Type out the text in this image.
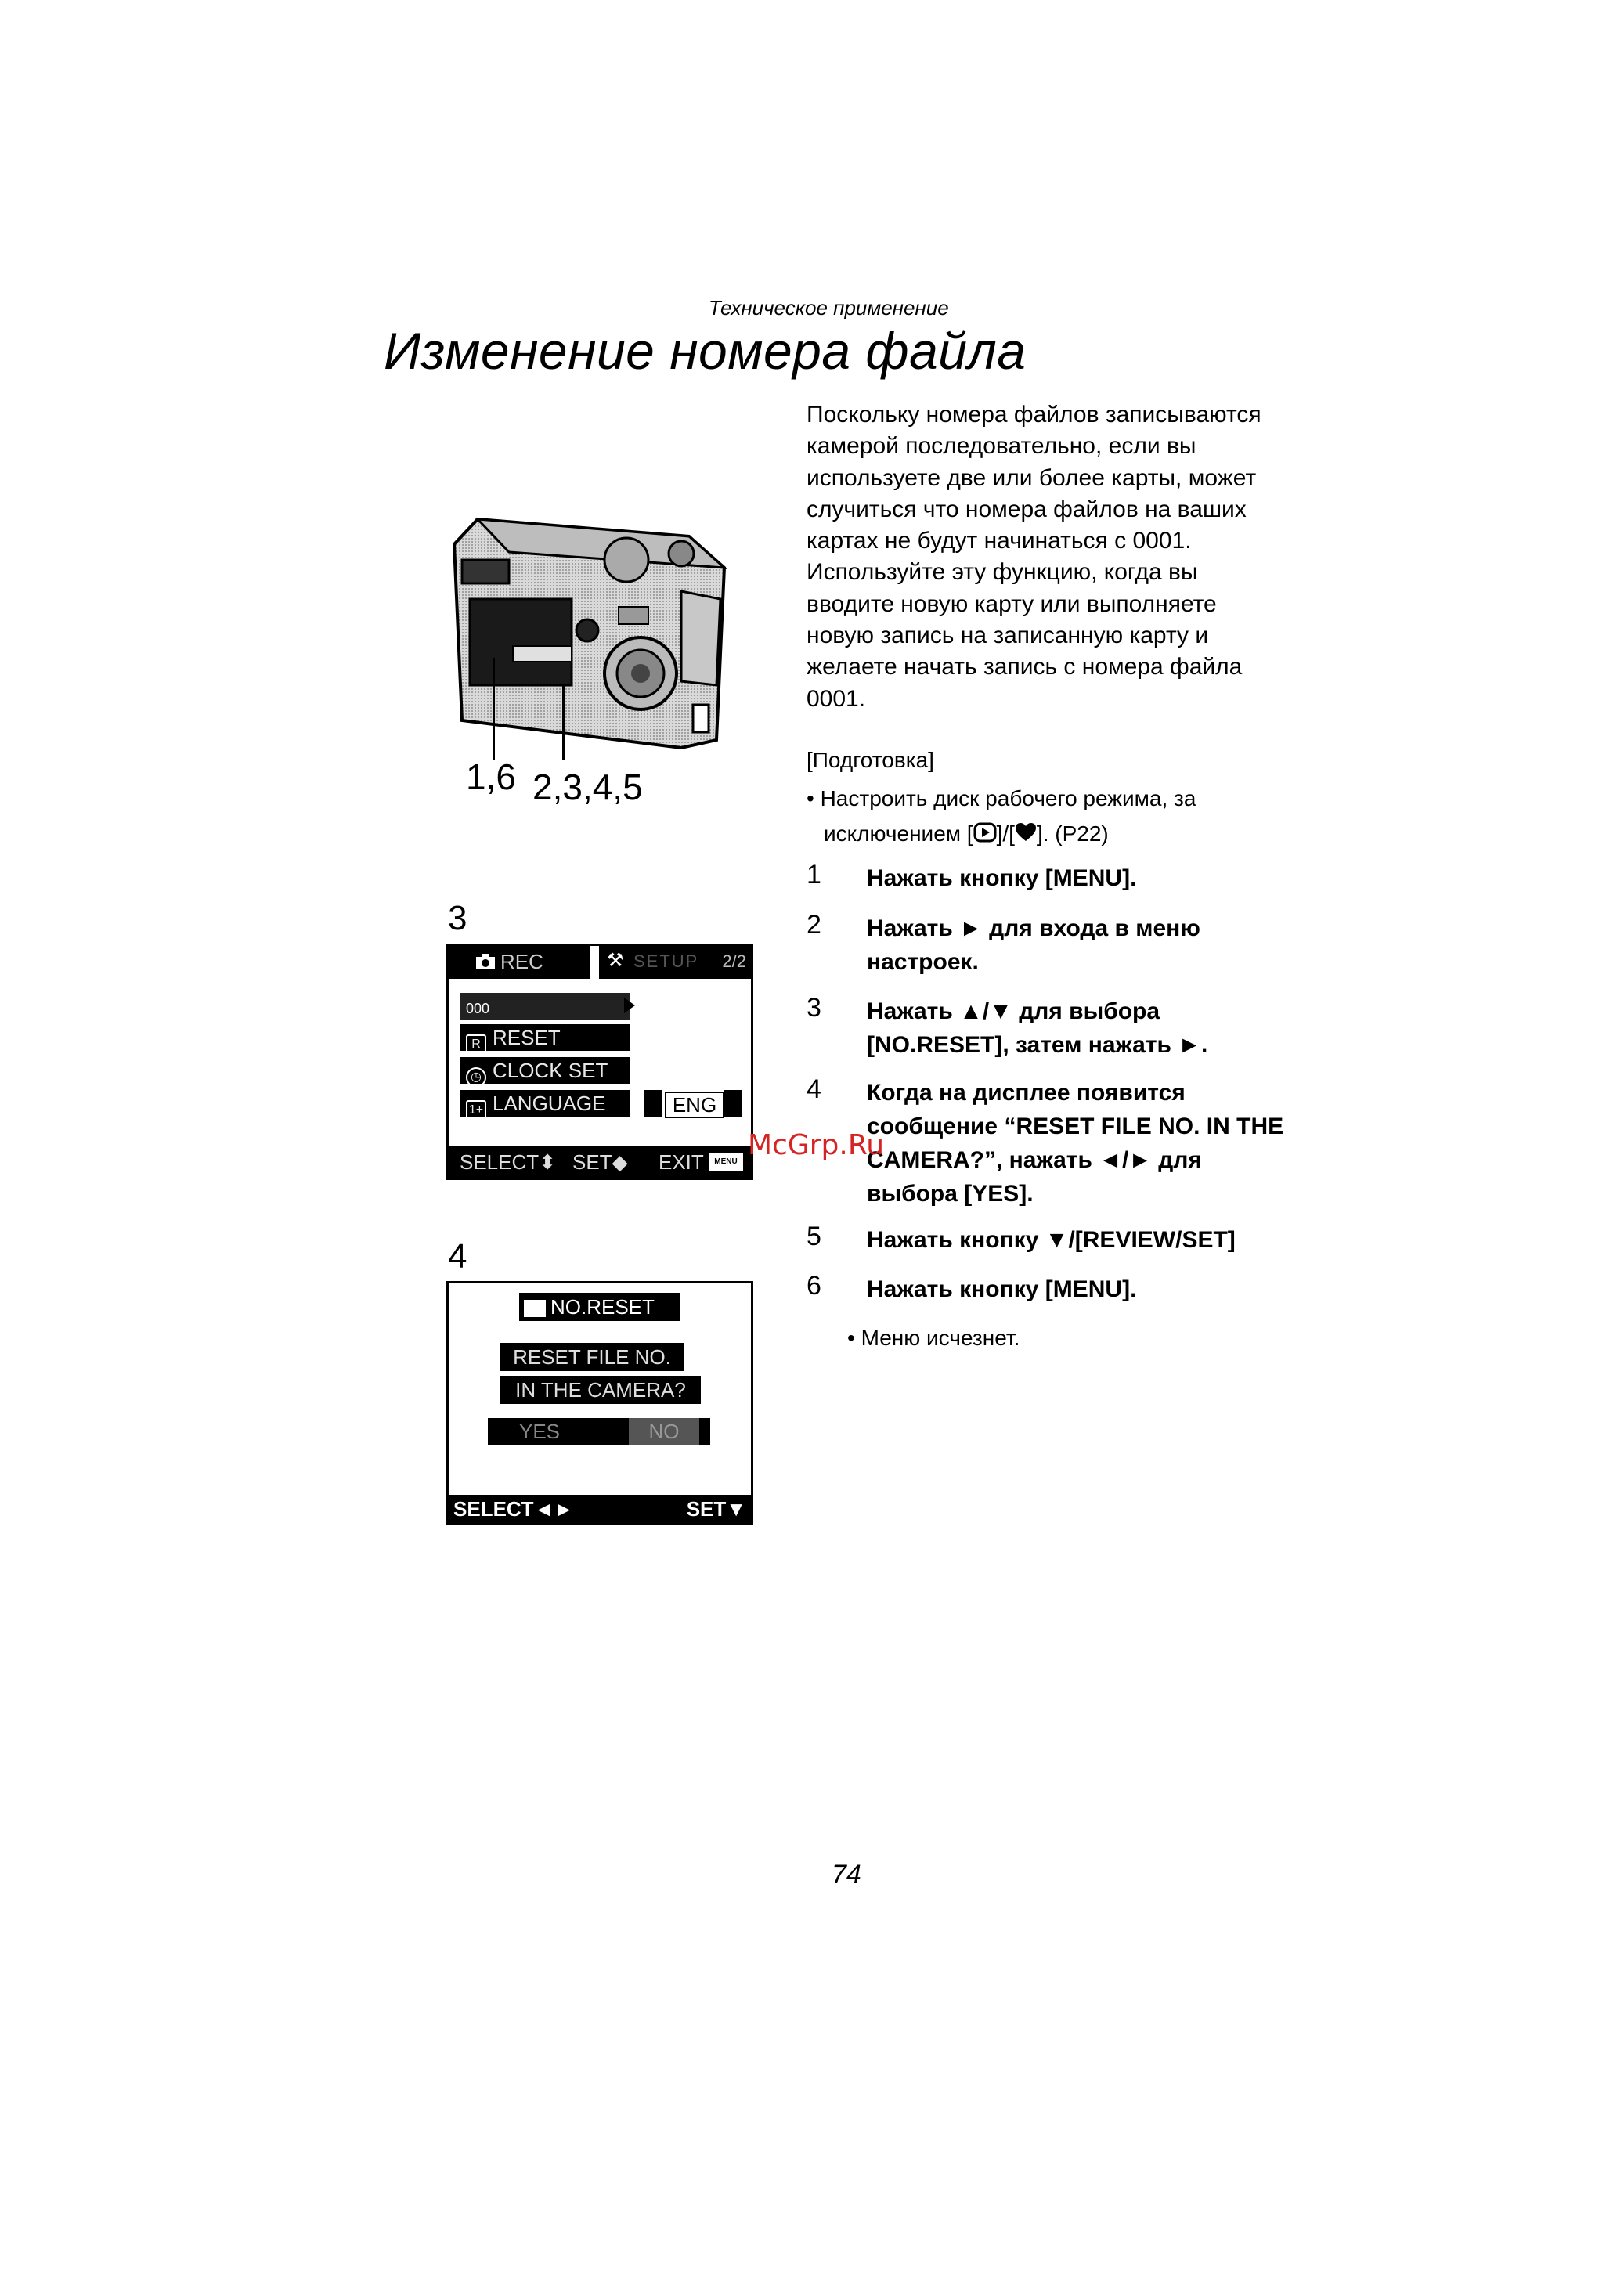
Техническое применение
Изменение номера файла
Поскольку номера файлов записываются
камерой последовательно, если вы
используете две или более карты, может
случиться что номера файлов на ваших
картах не будут начинаться с 0001.
Используйте эту функцию, когда вы
вводите новую карту или выполняете
новую запись на записанную карту и
желаете начать запись с номера файла
0001.
[Подготовка]
• Настроить диск рабочего режима, за
исключением [ ]/[ ]. (P22)
1 Нажать кнопку [MENU].
2 Нажать ► для входа в меню
настроек.
3 Нажать ▲/▼ для выбора
[NO.RESET], затем нажать ►.
4 Когда на дисплее появится
сообщение “RESET FILE NO. IN THE
CAMERA?”, нажать ◄/► для
выбора [YES].
5 Нажать кнопку ▼/[REVIEW/SET]
6 Нажать кнопку [MENU].
• Меню исчезнет.
1,6 2,3,4,5
3
REC	⚒ SETUP 2/2
000
R RESET
◷ CLOCK SET
1+ LANGUAGE	ENG
SELECT⬍ SET◆ EXIT	MENU
4
NO.RESET
RESET FILE NO.
IN THE CAMERA?
YES	NO
SELECT◄►	SET▼
McGrp.Ru
74
